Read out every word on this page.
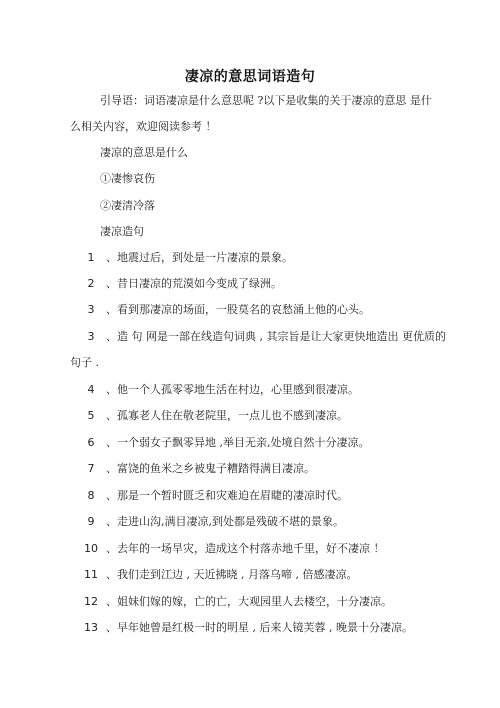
凄凉的意思词语造句
引导语：词语凄凉是什么意思呢 ?以下是收集的关于凄凉的意思 是什
么相关内容，欢迎阅读参考 ！
凄凉的意思是什么
①凄惨哀伤
②凄清冷落
凄凉造句
1 、地震过后，到处是一片凄凉的景象。
2 、昔日凄凉的荒漠如今变成了绿洲。
3 、看到那凄凉的场面，一股莫名的哀愁涌上他的心头。
3 、造 句 网是一部在线造句词典 , 其宗旨是让大家更快地造出 更优质的
句子 .
4 、他一个人孤零零地生活在村边，心里感到很凄凉。
5 、孤寡老人住在敬老院里，一点儿也不感到凄凉。
6 、一个弱女子飘零异地 ,举目无亲,处境自然十分凄凉。
7 、富饶的鱼米之乡被鬼子糟踏得满目凄凉。
8 、那是一个暂时匮乏和灾难迫在眉睫的凄凉时代。
9 、走进山沟,满目凄凉,到处都是残破不堪的景象。
10 、去年的一场旱灾，造成这个村落赤地千里，好不凄凉 ！
11 、我们走到江边 , 天近拂晓 , 月落乌啼 , 倍感凄凉。
12 、姐妹们嫁的嫁，亡的亡，大观园里人去楼空，十分凄凉。
13 、早年她曾是红极一时的明星 , 后来人镜芙蓉 , 晚景十分凄凉。
